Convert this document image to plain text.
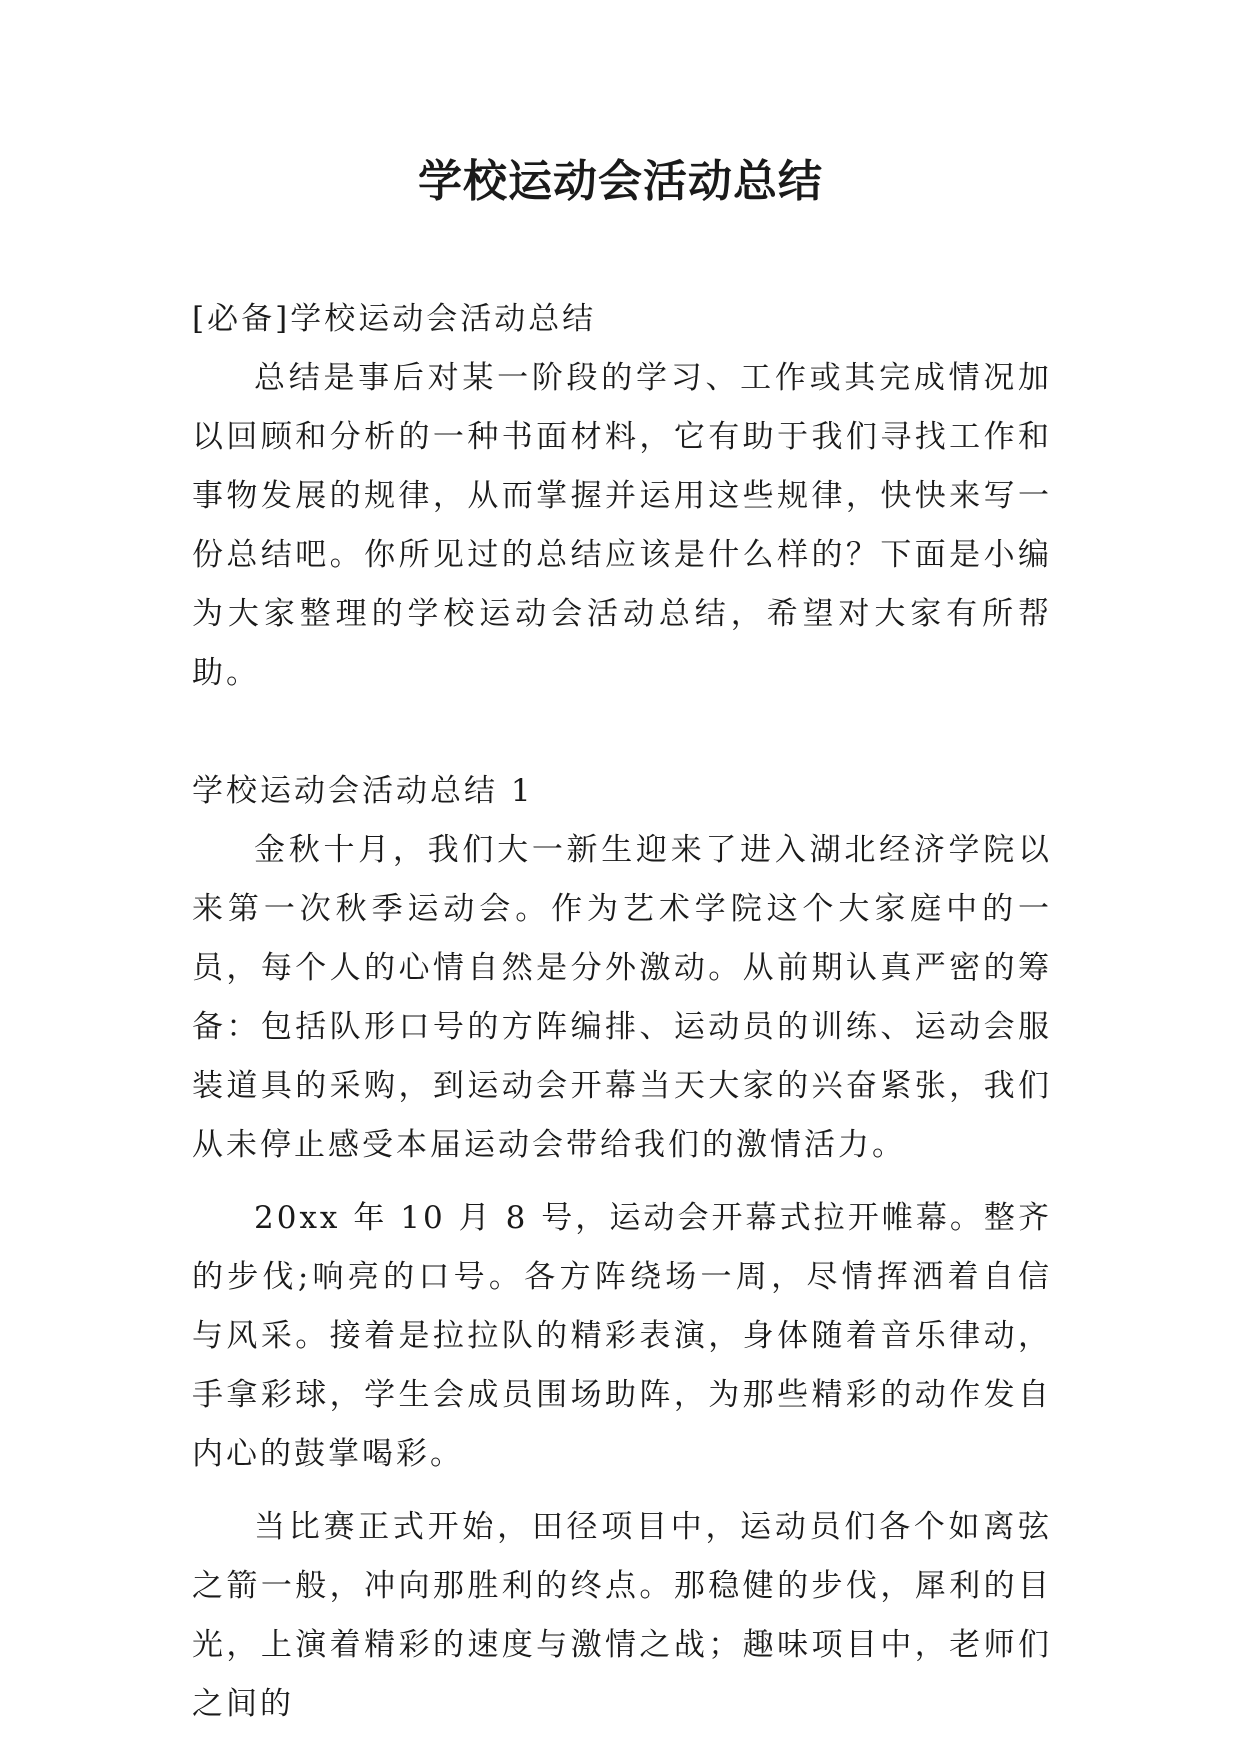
学校运动会活动总结

[必备]学校运动会活动总结

总结是事后对某一阶段的学习、工作或其完成情况加以回顾和分析的一种书面材料，它有助于我们寻找工作和事物发展的规律，从而掌握并运用这些规律，快快来写一份总结吧。你所见过的总结应该是什么样的？下面是小编为大家整理的学校运动会活动总结，希望对大家有所帮助。

学校运动会活动总结 1

金秋十月，我们大一新生迎来了进入湖北经济学院以来第一次秋季运动会。作为艺术学院这个大家庭中的一员，每个人的心情自然是分外激动。从前期认真严密的筹备：包括队形口号的方阵编排、运动员的训练、运动会服装道具的采购，到运动会开幕当天大家的兴奋紧张，我们从未停止感受本届运动会带给我们的激情活力。

20xx 年 10 月 8 号，运动会开幕式拉开帷幕。整齐的步伐;响亮的口号。各方阵绕场一周，尽情挥洒着自信与风采。接着是拉拉队的精彩表演，身体随着音乐律动，手拿彩球，学生会成员围场助阵，为那些精彩的动作发自内心的鼓掌喝彩。

当比赛正式开始，田径项目中，运动员们各个如离弦之箭一般，冲向那胜利的终点。那稳健的步伐，犀利的目光，上演着精彩的速度与激情之战；趣味项目中，老师们之间的
